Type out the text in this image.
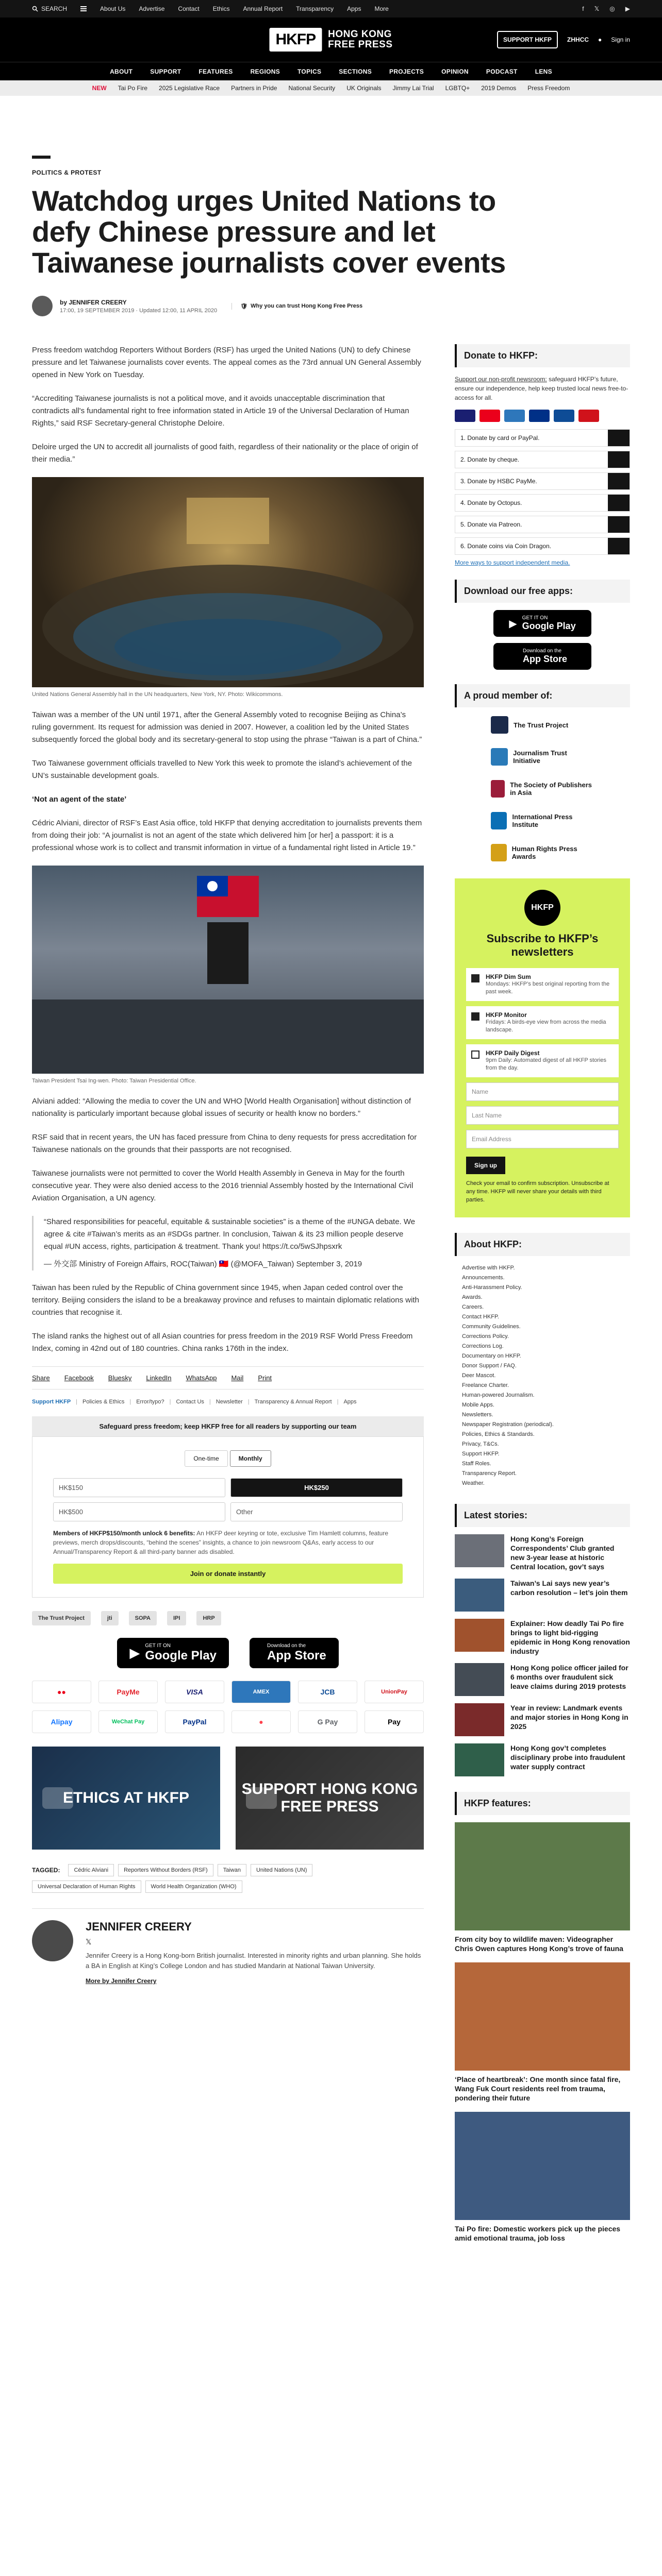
SEARCH	About Us Advertise Contact Ethics Annual Report Transparency Apps More	f 𝕏 ◎ ▶
HKFP	HONG KONG
FREE PRESS	SUPPORT HKFP	ZHHCC ● Sign in
ABOUT	SUPPORT	FEATURES	REGIONS	TOPICS	SECTIONS	PROJECTS	OPINION	PODCAST	LENS
NEW Tai Po Fire 2025 Legislative Race Partners in Pride National Security UK Originals Jimmy Lai Trial LGBTQ+ 2019 Demos Press Freedom
POLITICS & PROTEST
Watchdog urges United Nations to defy Chinese pressure and let Taiwanese journalists cover events
by JENNIFER CREERY
17:00, 19 SEPTEMBER 2019 · Updated 12:00, 11 APRIL 2020
🛡 Why you can trust Hong Kong Free Press

Press freedom watchdog Reporters Without Borders (RSF) has urged the United Nations (UN) to defy Chinese pressure and let Taiwanese journalists cover events. The appeal comes as the 73rd annual UN General Assembly opened in New York on Tuesday.

“Accrediting Taiwanese journalists is not a political move, and it avoids unacceptable discrimination that contradicts all's fundamental right to free information stated in Article 19 of the Universal Declaration of Human Rights,” said RSF Secretary-general Christophe Deloire.

Deloire urged the UN to accredit all journalists of good faith, regardless of their nationality or the place of origin of their media.”

United Nations General Assembly hall in the UN headquarters, New York, NY. Photo: Wikicommons.

Taiwan was a member of the UN until 1971, after the General Assembly voted to recognise Beijing as China’s ruling government. Its request for admission was denied in 2007. However, a coalition led by the United States subsequently forced the global body and its secretary-general to stop using the phrase “Taiwan is a part of China.”

Two Taiwanese government officials travelled to New York this week to promote the island’s achievement of the UN’s sustainable development goals.

‘Not an agent of the state’

Cédric Alviani, director of RSF’s East Asia office, told HKFP that denying accreditation to journalists prevents them from doing their job: “A journalist is not an agent of the state which delivered him [or her] a passport: it is a professional whose work is to collect and transmit information in virtue of a fundamental right listed in Article 19.”

Taiwan President Tsai Ing-wen. Photo: Taiwan Presidential Office.

Alviani added: “Allowing the media to cover the UN and WHO [World Health Organisation] without distinction of nationality is particularly important because global issues of security or health know no borders.”

RSF said that in recent years, the UN has faced pressure from China to deny requests for press accreditation for Taiwanese nationals on the grounds that their passports are not recognised.

Taiwanese journalists were not permitted to cover the World Health Assembly in Geneva in May for the fourth consecutive year. They were also denied access to the 2016 triennial Assembly hosted by the International Civil Aviation Organisation, a UN agency.

“Shared responsibilities for peaceful, equitable & sustainable societies” is a theme of the #UNGA debate. We agree & cite #Taiwan’s merits as an #SDGs partner. In conclusion, Taiwan & its 23 million people deserve equal #UN access, rights, participation & treatment. Thank you! https://t.co/5wSJhpsxrk

— 外交部 Ministry of Foreign Affairs, ROC(Taiwan) 🇹🇼 (@MOFA_Taiwan) September 3, 2019

Taiwan has been ruled by the Republic of China government since 1945, when Japan ceded control over the territory. Beijing considers the island to be a breakaway province and refuses to maintain diplomatic relations with countries that recognise it.

The island ranks the highest out of all Asian countries for press freedom in the 2019 RSF World Press Freedom Index, coming in 42nd out of 180 countries. China ranks 176th in the index.

Share Facebook Bluesky LinkedIn WhatsApp Mail Print
Support HKFP | Policies & Ethics | Error/typo? | Contact Us | Newsletter | Transparency & Annual Report | Apps
Safeguard press freedom; keep HKFP free for all readers by supporting our team
One-time	Monthly
HK$150	HK$250
HK$500	Other
Members of HKFP$150/month unlock 6 benefits: An HKFP deer keyring or tote, exclusive Tim Hamlett columns, feature previews, merch drops/discounts, “behind the scenes” insights, a chance to join newsroom Q&As, early access to our Annual/Transparency Report & all third-party banner ads disabled.
Join or donate instantly
The Trust Project	jti	SOPA	IPI	HRP
▶ GET IT ON
Google Play
Download on the
App Store
●●	PayMe	VISA	AMEX	JCB	UnionPay
Alipay	WeChat Pay	PayPal	●	G Pay	Pay
ETHICS AT HKFP
SUPPORT HONG KONG FREE PRESS
TAGGED:	Cédric Alviani	Reporters Without Borders (RSF)	Taiwan	United Nations (UN)
Universal Declaration of Human Rights	World Health Organization (WHO)
JENNIFER CREERY
𝕏
Jennifer Creery is a Hong Kong-born British journalist. Interested in minority rights and urban planning. She holds a BA in English at King’s College London and has studied Mandarin at National Taiwan University.
More by Jennifer Creery
Donate to HKFP:
Support our non-profit newsroom: safeguard HKFP’s future, ensure our independence, help keep trusted local news free-to-access for all.
1. Donate by card or PayPal.
2. Donate by cheque.
3. Donate by HSBC PayMe.
4. Donate by Octopus.
5. Donate via Patreon.
6. Donate coins via Coin Dragon.
More ways to support independent media.
Download our free apps:
▶ GET IT ON
Google Play
Download on the
App Store
A proud member of:
The Trust Project
Journalism Trust Initiative
The Society of Publishers in Asia
International Press Institute
Human Rights Press Awards
HKFP
Subscribe to HKFP’s newsletters
HKFP Dim Sum
Mondays: HKFP’s best original reporting from the past week.
HKFP Monitor
Fridays: A birds-eye view from across the media landscape.
HKFP Daily Digest
9pm Daily: Automated digest of all HKFP stories from the day.
Name
Last Name
Email Address
Sign up
Check your email to confirm subscription. Unsubscribe at any time. HKFP will never share your details with third parties.
About HKFP:
Advertise with HKFP.
Announcements.
Anti-Harassment Policy.
Awards.
Careers.
Contact HKFP.
Community Guidelines.
Corrections Policy.
Corrections Log.
Documentary on HKFP.
Donor Support / FAQ.
Deer Mascot.
Freelance Charter.
Human-powered Journalism.
Mobile Apps.
Newsletters.
Newspaper Registration (periodical).
Policies, Ethics & Standards.
Privacy, T&Cs.
Support HKFP.
Staff Roles.
Transparency Report.
Weather.
Latest stories:
Hong Kong’s Foreign Correspondents’ Club granted new 3-year lease at historic Central location, gov’t says
Taiwan’s Lai says new year’s carbon resolution – let’s join them
Explainer: How deadly Tai Po fire brings to light bid-rigging epidemic in Hong Kong renovation industry
Hong Kong police officer jailed for 6 months over fraudulent sick leave claims during 2019 protests
Year in review: Landmark events and major stories in Hong Kong in 2025
Hong Kong gov’t completes disciplinary probe into fraudulent water supply contract
HKFP features:
From city boy to wildlife maven: Videographer Chris Owen captures Hong Kong’s trove of fauna
‘Place of heartbreak’: One month since fatal fire, Wang Fuk Court residents reel from trauma, pondering their future
Tai Po fire: Domestic workers pick up the pieces amid emotional trauma, job loss
